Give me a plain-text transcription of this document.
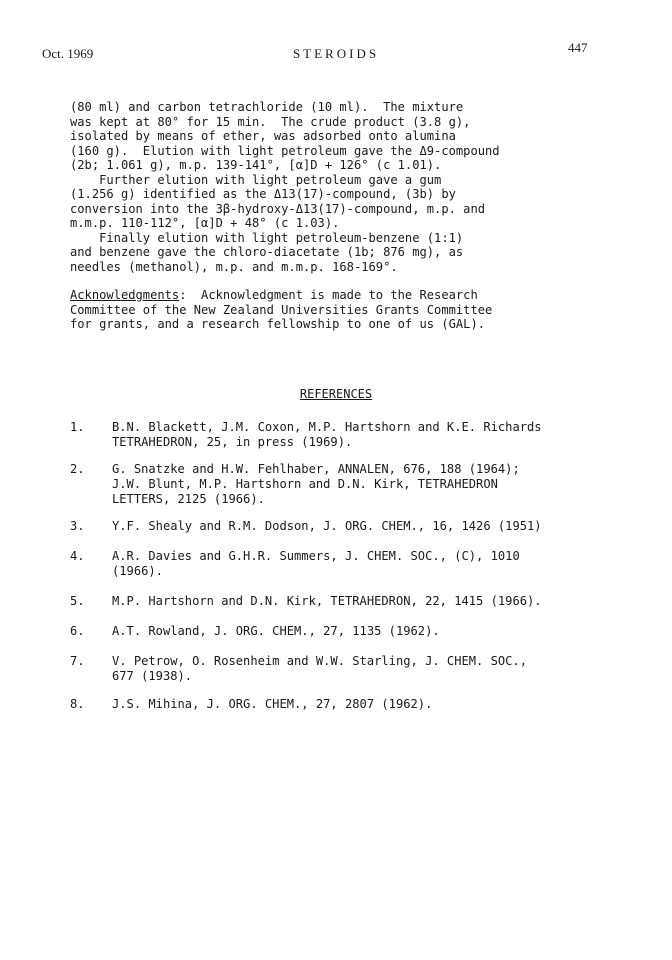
Oct. 1969	STEROIDS	447
(80 ml) and carbon tetrachloride (10 ml).  The mixture
was kept at 80° for 15 min.  The crude product (3.8 g),
isolated by means of ether, was adsorbed onto alumina
(160 g).  Elution with light petroleum gave the Δ9-compound
(2b; 1.061 g), m.p. 139-141°, [α]D + 126° (c 1.01).
Further elution with light petroleum gave a gum
(1.256 g) identified as the Δ13(17)-compound, (3b) by
conversion into the 3β-hydroxy-Δ13(17)-compound, m.p. and
m.m.p. 110-112°, [α]D + 48° (c 1.03).
Finally elution with light petroleum-benzene (1:1)
and benzene gave the chloro-diacetate (1b; 876 mg), as
needles (methanol), m.p. and m.m.p. 168-169°.
Acknowledgments:  Acknowledgment is made to the Research
Committee of the New Zealand Universities Grants Committee
for grants, and a research fellowship to one of us (GAL).
REFERENCES
1.	B.N. Blackett, J.M. Coxon, M.P. Hartshorn and K.E. Richards
TETRAHEDRON, 25, in press (1969).
2.	G. Snatzke and H.W. Fehlhaber, ANNALEN, 676, 188 (1964);
J.W. Blunt, M.P. Hartshorn and D.N. Kirk, TETRAHEDRON
LETTERS, 2125 (1966).
3.	Y.F. Shealy and R.M. Dodson, J. ORG. CHEM., 16, 1426 (1951)
4.	A.R. Davies and G.H.R. Summers, J. CHEM. SOC., (C), 1010
(1966).
5.	M.P. Hartshorn and D.N. Kirk, TETRAHEDRON, 22, 1415 (1966).
6.	A.T. Rowland, J. ORG. CHEM., 27, 1135 (1962).
7.	V. Petrow, O. Rosenheim and W.W. Starling, J. CHEM. SOC.,
677 (1938).
8.	J.S. Mihina, J. ORG. CHEM., 27, 2807 (1962).
